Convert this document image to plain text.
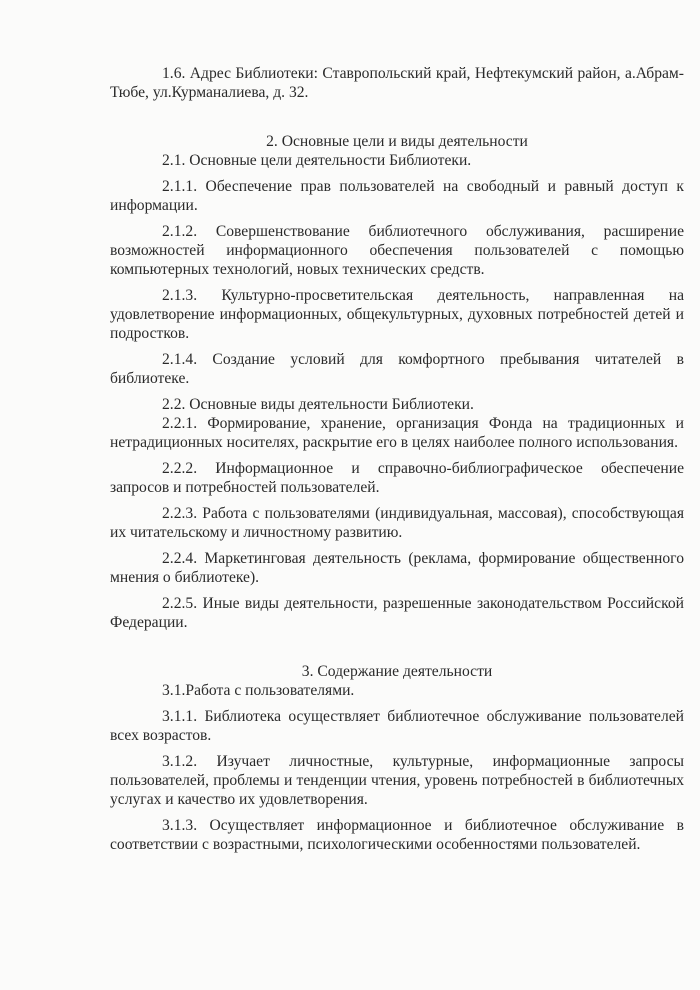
1.6. Адрес Библиотеки: Ставропольский край, Нефтекумский район, а.Абрам-Тюбе, ул.Курманалиева, д. 32.

2. Основные цели и виды деятельности

2.1. Основные цели деятельности Библиотеки.

2.1.1. Обеспечение прав пользователей на свободный и равный доступ к информации.

2.1.2. Совершенствование библиотечного обслуживания, расширение возможностей информационного обеспечения пользователей с помощью компьютерных технологий, новых технических средств.

2.1.3. Культурно-просветительская деятельность, направленная на удовлетворение информационных, общекультурных, духовных потребностей детей и подростков.

2.1.4. Создание условий для комфортного пребывания читателей в библиотеке.

2.2. Основные виды деятельности Библиотеки.

2.2.1. Формирование, хранение, организация Фонда на традиционных и нетрадиционных носителях, раскрытие его в целях наиболее полного использования.

2.2.2. Информационное и справочно-библиографическое обеспечение запросов и потребностей пользователей.

2.2.3. Работа с пользователями (индивидуальная, массовая), способствующая их читательскому и личностному развитию.

2.2.4. Маркетинговая деятельность (реклама, формирование общественного мнения о библиотеке).

2.2.5. Иные виды деятельности, разрешенные законодательством Российской Федерации.

3. Содержание деятельности

3.1.Работа с пользователями.

3.1.1. Библиотека осуществляет библиотечное обслуживание пользователей всех возрастов.

3.1.2. Изучает личностные, культурные, информационные запросы пользователей, проблемы и тенденции чтения, уровень потребностей в библиотечных услугах и качество их удовлетворения.

3.1.3. Осуществляет информационное и библиотечное обслуживание в соответствии с возрастными, психологическими особенностями пользователей.
